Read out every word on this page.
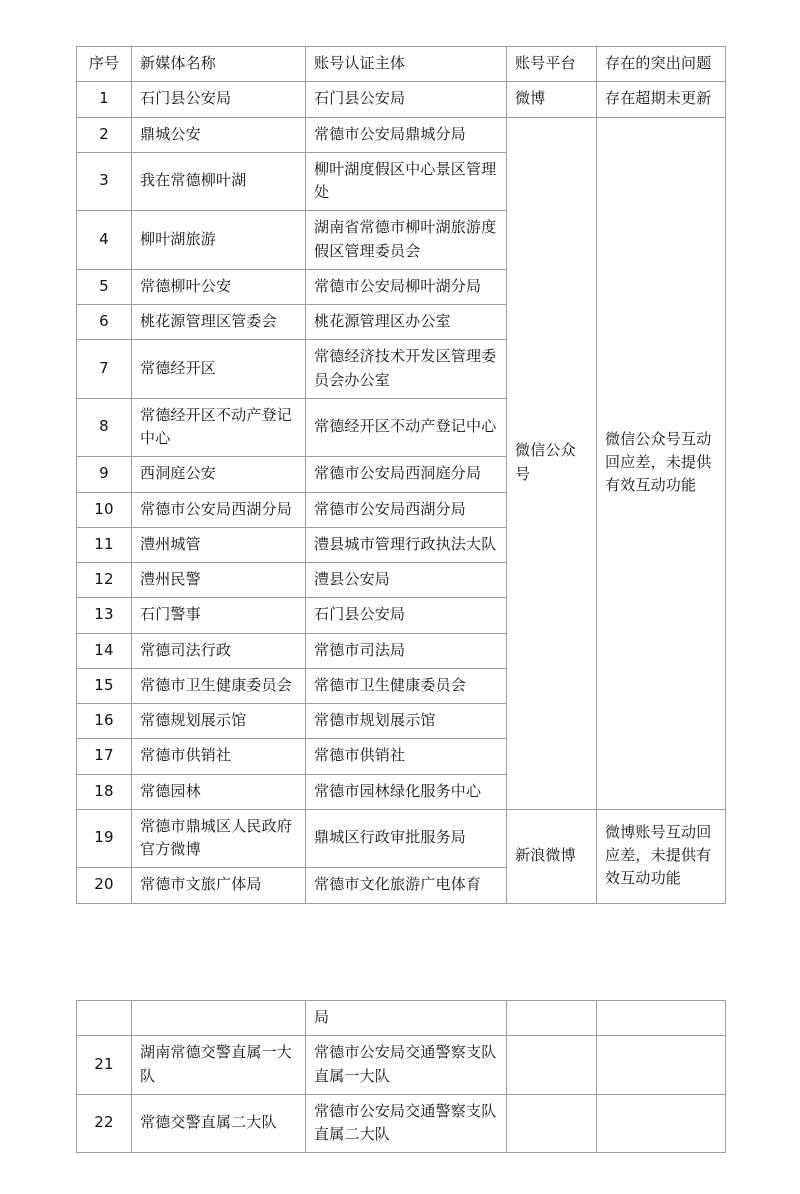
序号	新媒体名称	账号认证主体	账号平台	存在的突出问题
1	石门县公安局	石门县公安局	微博	存在超期未更新
2	鼎城公安	常德市公安局鼎城分局	微信公众号	微信公众号互动回应差，未提供有效互动功能
3	我在常德柳叶湖	柳叶湖度假区中心景区管理处		
4	柳叶湖旅游	湖南省常德市柳叶湖旅游度假区管理委员会		
5	常德柳叶公安	常德市公安局柳叶湖分局		
6	桃花源管理区管委会	桃花源管理区办公室		
7	常德经开区	常德经济技术开发区管理委员会办公室		
8	常德经开区不动产登记中心	常德经开区不动产登记中心		
9	西洞庭公安	常德市公安局西洞庭分局		
10	常德市公安局西湖分局	常德市公安局西湖分局		
11	澧州城管	澧县城市管理行政执法大队		
12	澧州民警	澧县公安局		
13	石门警事	石门县公安局		
14	常德司法行政	常德市司法局		
15	常德市卫生健康委员会	常德市卫生健康委员会		
16	常德规划展示馆	常德市规划展示馆		
17	常德市供销社	常德市供销社		
18	常德园林	常德市园林绿化服务中心		
19	常德市鼎城区人民政府官方微博	鼎城区行政审批服务局	新浪微博	微博账号互动回应差，未提供有效互动功能
20	常德市文旅广体局	常德市文化旅游广电体育		
		局		
21	湖南常德交警直属一大队	常德市公安局交通警察支队直属一大队		
22	常德交警直属二大队	常德市公安局交通警察支队直属二大队		
